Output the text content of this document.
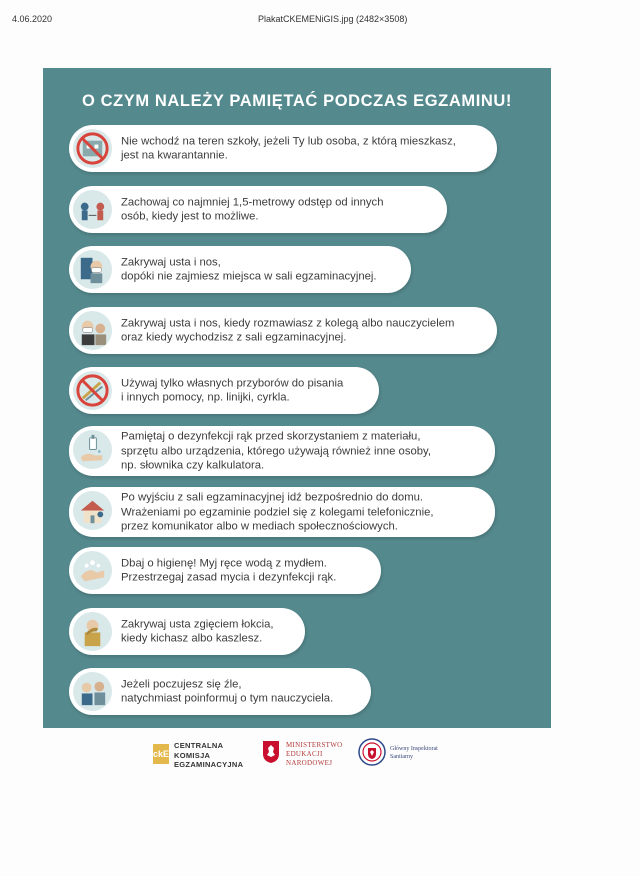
4.06.2020	PlakatCKEMENiGIS.jpg (2482×3508)
O CZYM NALEŻY PAMIĘTAĆ PODCZAS EGZAMINU!
Nie wchodź na teren szkoły, jeżeli Ty lub osoba, z którą mieszkasz,
jest na kwarantannie.
Zachowaj co najmniej 1,5-metrowy odstęp od innych
osób, kiedy jest to możliwe.
Zakrywaj usta i nos,
dopóki nie zajmiesz miejsca w sali egzaminacyjnej.
Zakrywaj usta i nos, kiedy rozmawiasz z kolegą albo nauczycielem
oraz kiedy wychodzisz z sali egzaminacyjnej.
Używaj tylko własnych przyborów do pisania
i innych pomocy, np. linijki, cyrkla.
Pamiętaj o dezynfekcji rąk przed skorzystaniem z materiału,
sprzętu albo urządzenia, którego używają również inne osoby,
np. słownika czy kalkulatora.
Po wyjściu z sali egzaminacyjnej idź bezpośrednio do domu.
Wrażeniami po egzaminie podziel się z kolegami telefonicznie,
przez komunikator albo w mediach społecznościowych.
Dbaj o higienę! Myj ręce wodą z mydłem.
Przestrzegaj zasad mycia i dezynfekcji rąk.
Zakrywaj usta zgięciem łokcia,
kiedy kichasz albo kaszlesz.
Jeżeli poczujesz się źle,
natychmiast poinformuj o tym nauczyciela.
ckE
CENTRALNA
KOMISJA
EGZAMINACYJNA
MINISTERSTWO
EDUKACJI
NARODOWEJ
Główny Inspektorat
Sanitarny
